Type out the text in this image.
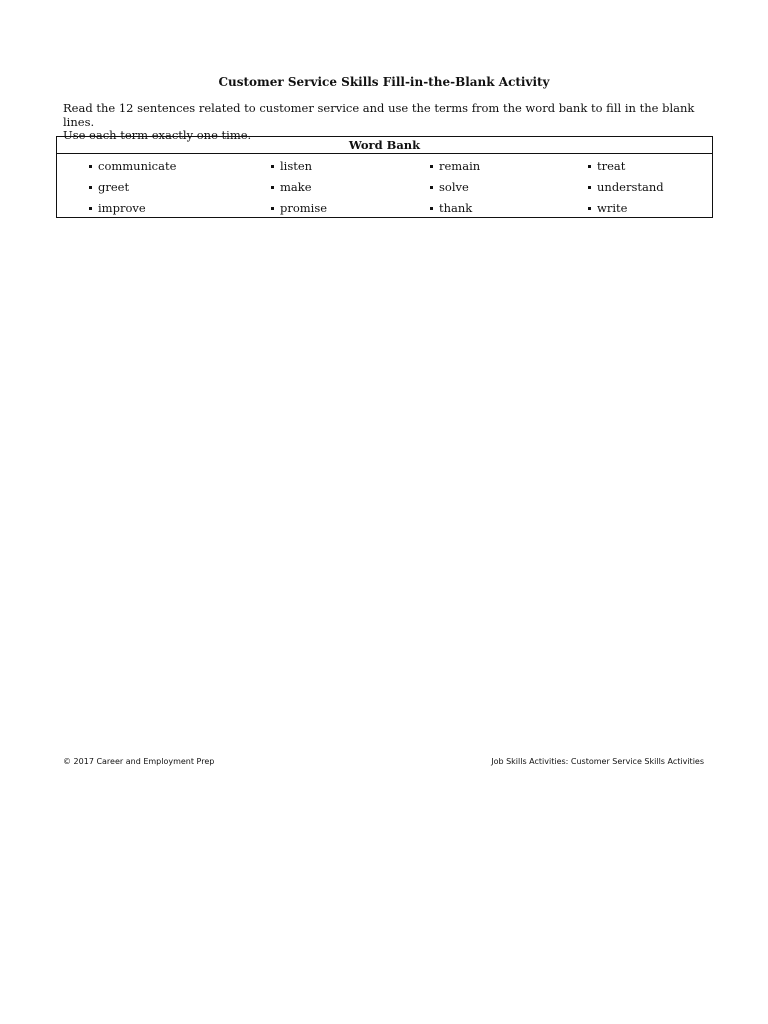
Customer Service Skills Fill-in-the-Blank Activity
Read the 12 sentences related to customer service and use the terms from the word bank to fill in the blank lines.
Use each term exactly one time.
Word Bank
communicate
greet
improve
listen
make
promise
remain
solve
thank
treat
understand
write
© 2017 Career and Employment Prep	Job Skills Activities: Customer Service Skills Activities
